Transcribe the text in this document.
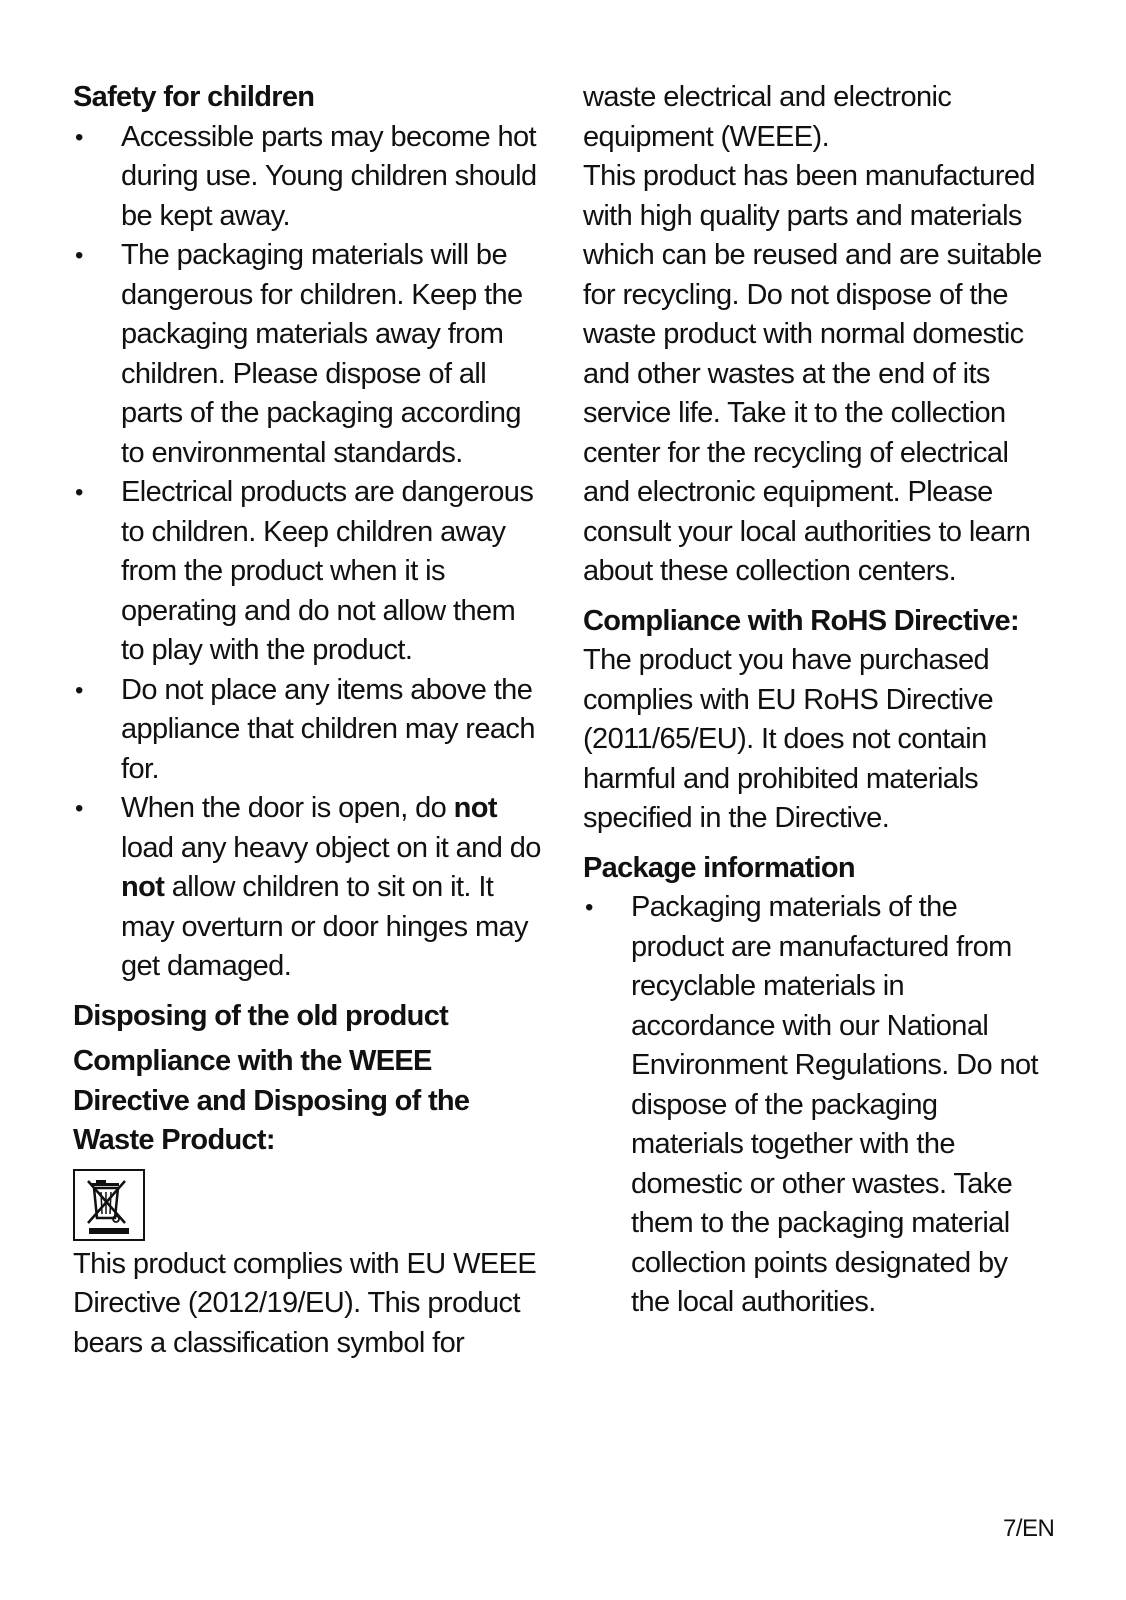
Safety for children

• Accessible parts may become hot during use. Young children should be kept away.
• The packaging materials will be dangerous for children. Keep the packaging materials away from children. Please dispose of all parts of the packaging according to environmental standards.
• Electrical products are dangerous to children. Keep children away from the product when it is operating and do not allow them to play with the product.
• Do not place any items above the appliance that children may reach for.
• When the door is open, do not load any heavy object on it and do not allow children to sit on it. It may overturn or door hinges may get damaged.

Disposing of the old product

Compliance with the WEEE Directive and Disposing of the Waste Product:

This product complies with EU WEEE Directive (2012/19/EU). This product bears a classification symbol for

waste electrical and electronic equipment (WEEE).

This product has been manufactured with high quality parts and materials which can be reused and are suitable for recycling. Do not dispose of the waste product with normal domestic and other wastes at the end of its service life. Take it to the collection center for the recycling of electrical and electronic equipment. Please consult your local authorities to learn about these collection centers.

Compliance with RoHS Directive:

The product you have purchased complies with EU RoHS Directive (2011/65/EU). It does not contain harmful and prohibited materials specified in the Directive.

Package information

• Packaging materials of the product are manufactured from recyclable materials in accordance with our National Environment Regulations. Do not dispose of the packaging materials together with the domestic or other wastes. Take them to the packaging material collection points designated by the local authorities.
7/EN
